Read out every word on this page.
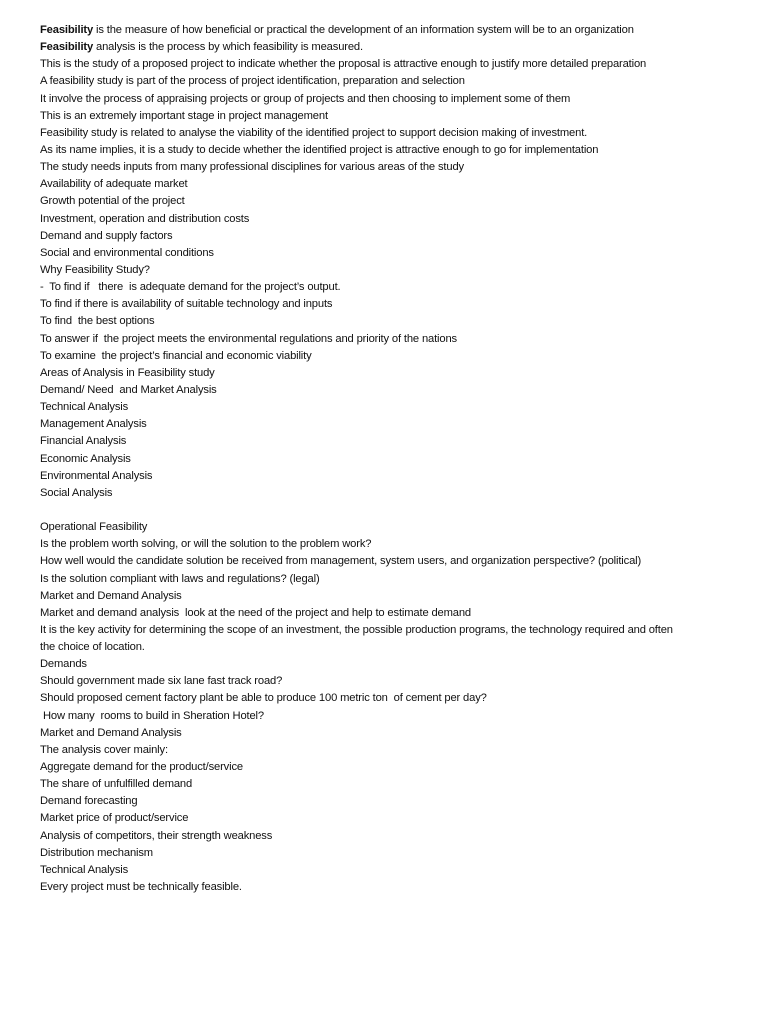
Feasibility is the measure of how beneficial or practical the development of an information system will be to an organization
Feasibility analysis is the process by which feasibility is measured.
This is the study of a proposed project to indicate whether the proposal is attractive enough to justify more detailed preparation
A feasibility study is part of the process of project identification, preparation and selection
It involve the process of appraising projects or group of projects and then choosing to implement some of them
This is an extremely important stage in project management
Feasibility study is related to analyse the viability of the identified project to support decision making of investment.
As its name implies, it is a study to decide whether the identified project is attractive enough to go for implementation
The study needs inputs from many professional disciplines for various areas of the study
Availability of adequate market
Growth potential of the project
Investment, operation and distribution costs
Demand and supply factors
Social and environmental conditions
Why Feasibility Study?
-  To find if   there  is adequate demand for the project’s output.
To find if there is availability of suitable technology and inputs
To find  the best options
To answer if  the project meets the environmental regulations and priority of the nations
To examine  the project’s financial and economic viability
Areas of Analysis in Feasibility study
Demand/ Need  and Market Analysis
Technical Analysis
Management Analysis
Financial Analysis
Economic Analysis
Environmental Analysis
Social Analysis
Operational Feasibility
Is the problem worth solving, or will the solution to the problem work?
How well would the candidate solution be received from management, system users, and organization perspective? (political)
Is the solution compliant with laws and regulations? (legal)
Market and Demand Analysis
Market and demand analysis  look at the need of the project and help to estimate demand
It is the key activity for determining the scope of an investment, the possible production programs, the technology required and often
the choice of location.
Demands
Should government made six lane fast track road?
Should proposed cement factory plant be able to produce 100 metric ton  of cement per day?
How many  rooms to build in Sheration Hotel?
Market and Demand Analysis
The analysis cover mainly:
Aggregate demand for the product/service
The share of unfulfilled demand
Demand forecasting
Market price of product/service
Analysis of competitors, their strength weakness
Distribution mechanism
Technical Analysis
Every project must be technically feasible.
